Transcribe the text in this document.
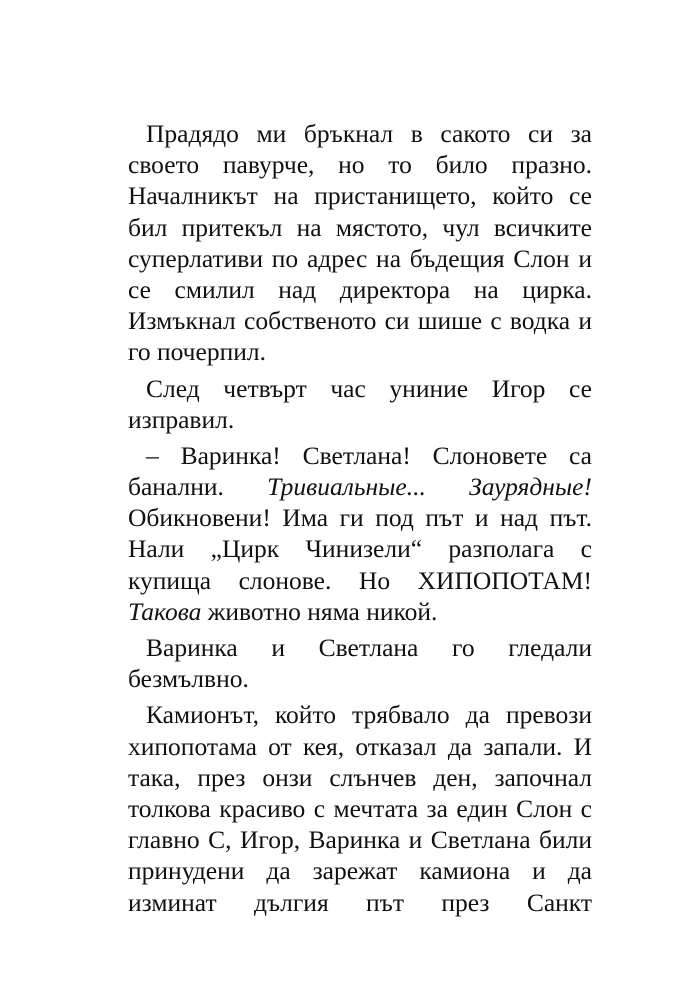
Прадядо ми бръкнал в сакото си за
своето павурче, но то било празно.
Началникът на пристанището, който се
бил притекъл на мястото, чул всичките
суперлативи по адрес на бъдещия Слон и
се смилил над директора на цирка.
Измъкнал собственото си шише с водка и
го почерпил.
След четвърт час униние Игор се
изправил.
– Варинка! Светлана! Слоновете са
банални. Тривиальные... Заурядные!
Обикновени! Има ги под път и над път.
Нали „Цирк Чинизели“ разполага с
купища слонове. Но ХИПОПОТАМ!
Такова животно няма никой.
Варинка и Светлана го гледали
безмълвно.
Камионът, който трябвало да превози
хипопотама от кея, отказал да запали. И
така, през онзи слънчев ден, започнал
толкова красиво с мечтата за един Слон с
главно С, Игор, Варинка и Светлана били
принудени да зарежат камиона и да
изминат дългия път през Санкт
